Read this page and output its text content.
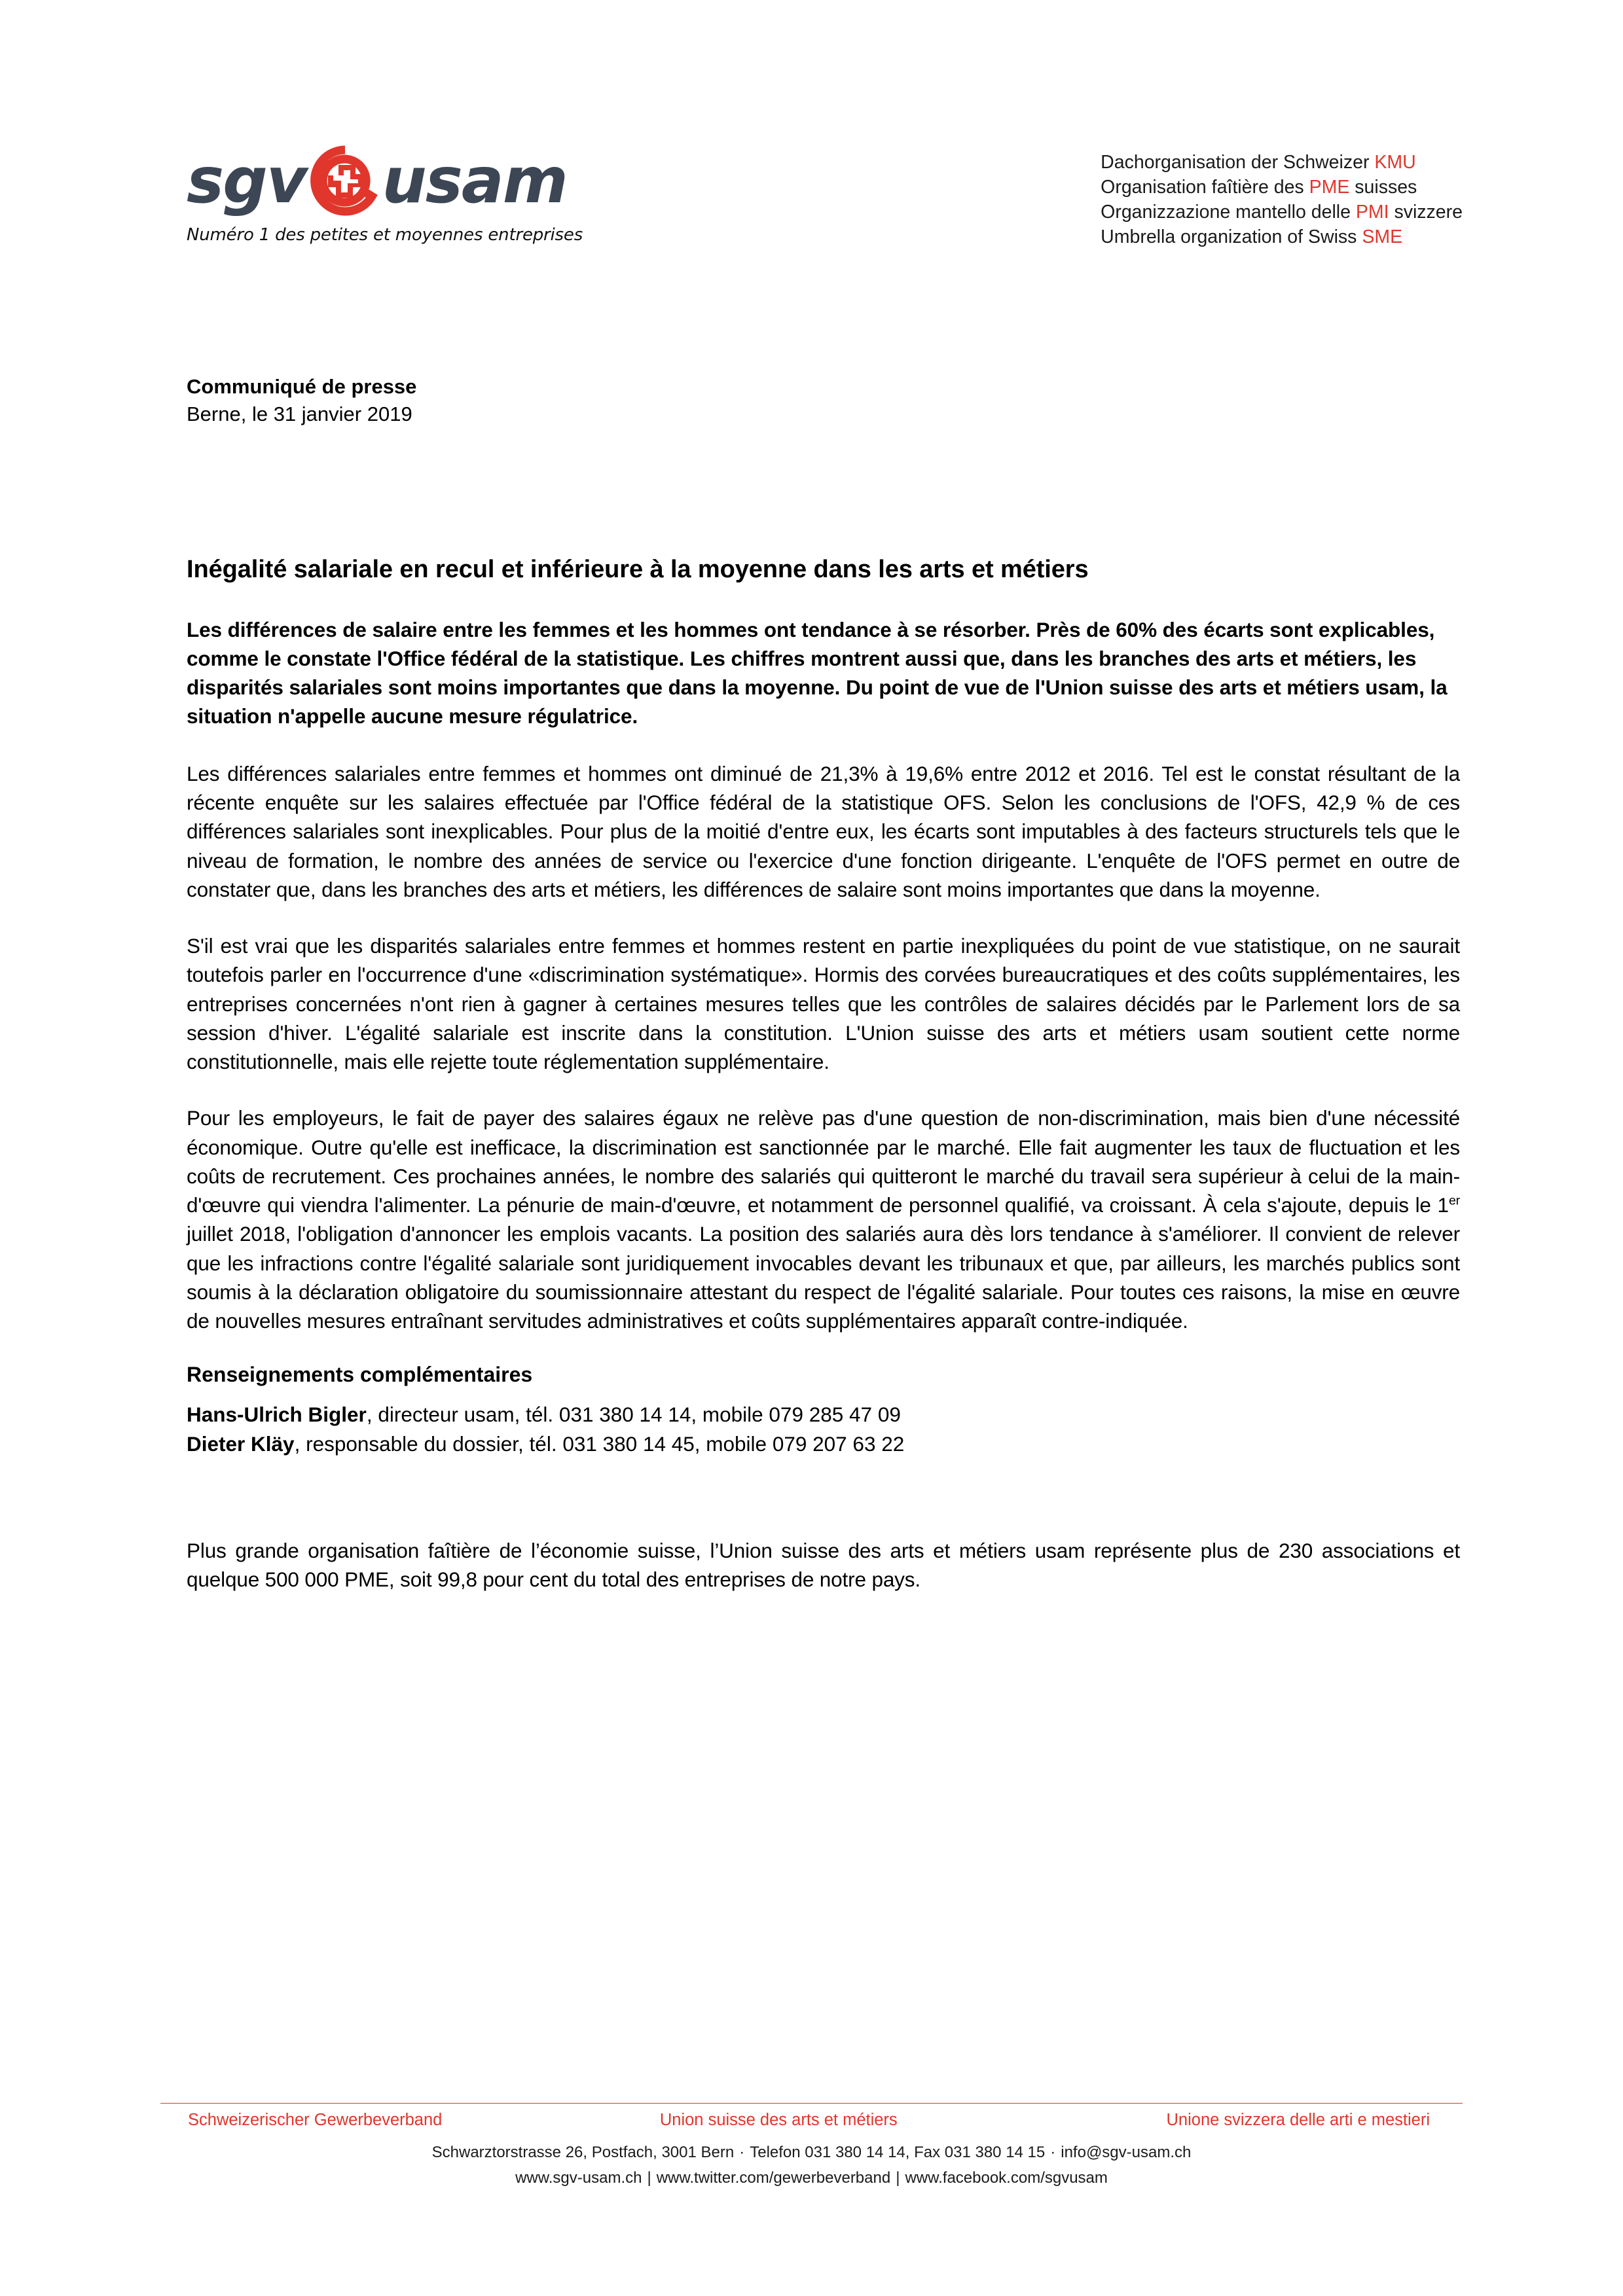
sgv usam
Numéro 1 des petites et moyennes entreprises
Dachorganisation der Schweizer KMU
Organisation faîtière des PME suisses
Organizzazione mantello delle PMI svizzere
Umbrella organization of Swiss SME
Communiqué de presse
Berne, le 31 janvier 2019
Inégalité salariale en recul et inférieure à la moyenne dans les arts et métiers

Les différences de salaire entre les femmes et les hommes ont tendance à se résorber. Près de 60% des écarts sont explicables, comme le constate l'Office fédéral de la statistique. Les chiffres montrent aussi que, dans les branches des arts et métiers, les disparités salariales sont moins importantes que dans la moyenne. Du point de vue de l'Union suisse des arts et métiers usam, la situation n'appelle aucune mesure régulatrice.

Les différences salariales entre femmes et hommes ont diminué de 21,3% à 19,6% entre 2012 et 2016. Tel est le constat résultant de la récente enquête sur les salaires effectuée par l'Office fédéral de la statistique OFS. Selon les conclusions de l'OFS, 42,9 % de ces différences salariales sont inexplicables. Pour plus de la moitié d'entre eux, les écarts sont imputables à des facteurs structurels tels que le niveau de formation, le nombre des années de service ou l'exercice d'une fonction dirigeante. L'enquête de l'OFS permet en outre de constater que, dans les branches des arts et métiers, les différences de salaire sont moins importantes que dans la moyenne.

S'il est vrai que les disparités salariales entre femmes et hommes restent en partie inexpliquées du point de vue statistique, on ne saurait toutefois parler en l'occurrence d'une «discrimination systématique». Hormis des corvées bureaucratiques et des coûts supplémentaires, les entreprises concernées n'ont rien à gagner à certaines mesures telles que les contrôles de salaires décidés par le Parlement lors de sa session d'hiver. L'égalité salariale est inscrite dans la constitution. L'Union suisse des arts et métiers usam soutient cette norme constitutionnelle, mais elle rejette toute réglementation supplémentaire.

Pour les employeurs, le fait de payer des salaires égaux ne relève pas d'une question de non-discrimination, mais bien d'une nécessité économique. Outre qu'elle est inefficace, la discrimination est sanctionnée par le marché. Elle fait augmenter les taux de fluctuation et les coûts de recrutement. Ces prochaines années, le nombre des salariés qui quitteront le marché du travail sera supérieur à celui de la main-d'œuvre qui viendra l'alimenter. La pénurie de main-d'œuvre, et notamment de personnel qualifié, va croissant. À cela s'ajoute, depuis le 1er juillet 2018, l'obligation d'annoncer les emplois vacants. La position des salariés aura dès lors tendance à s'améliorer. Il convient de relever que les infractions contre l'égalité salariale sont juridiquement invocables devant les tribunaux et que, par ailleurs, les marchés publics sont soumis à la déclaration obligatoire du soumissionnaire attestant du respect de l'égalité salariale. Pour toutes ces raisons, la mise en œuvre de nouvelles mesures entraînant servitudes administratives et coûts supplémentaires apparaît contre-indiquée.

Renseignements complémentaires
Hans-Ulrich Bigler, directeur usam, tél. 031 380 14 14, mobile 079 285 47 09
Dieter Kläy, responsable du dossier, tél. 031 380 14 45, mobile 079 207 63 22

Plus grande organisation faîtière de l’économie suisse, l’Union suisse des arts et métiers usam représente plus de 230 associations et quelque 500 000 PME, soit 99,8 pour cent du total des entreprises de notre pays.

Schweizerischer Gewerbeverband	Union suisse des arts et métiers	Unione svizzera delle arti e mestieri
Schwarztorstrasse 26, Postfach, 3001 Bern · Telefon 031 380 14 14, Fax 031 380 14 15 · info@sgv-usam.ch
www.sgv-usam.ch | www.twitter.com/gewerbeverband | www.facebook.com/sgvusam
